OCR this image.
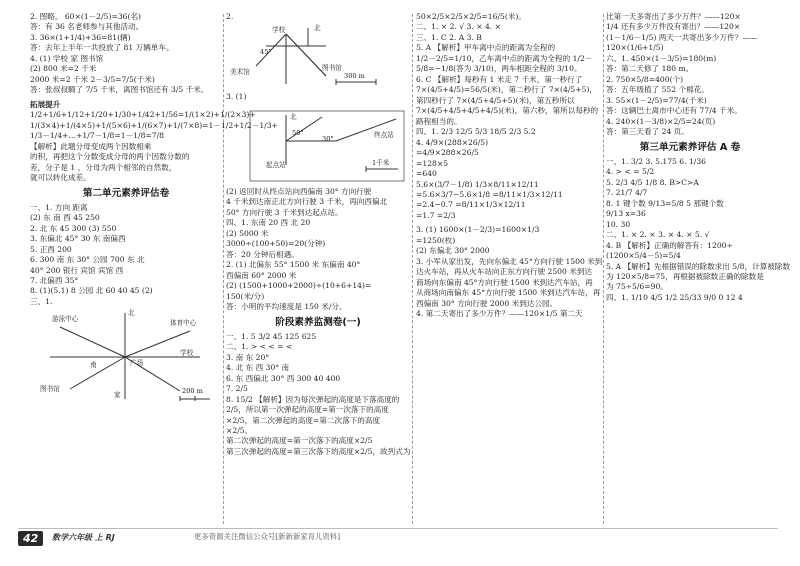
2. 图略。 60×(1－2/5)=36(名)
答：有 36 名老师参与其他活动。
3. 36×(1+1/4)+36=81(辆)
答：去年上半年一共投放了 81 万辆单车。
4. (1) 学校 家 图书馆
(2) 800 米=2 千米
2000 米=2 千米 2－3/5=7/5(千米)
答：张叔叔騎了 7/5 千米，离图书馆还有 3/5 千米。
拓展提升
1/2+1/6+1/12+1/20+1/30+1/42+1/56=1/(1×2)+1/(2×3)+
1/(3×4)+1/(4×5)+1/(5×6)+1/(6×7)+1/(7×8)=1－1/2+1/2－1/3+
1/3－1/4+…+1/7－1/8=1－1/8=7/8
【解析】此题分母变成两个因数相乘
的积，再把这个分数变成分母的两个因数分数的
差，分子是 1 ，分母为两个相邻的自然数，
就可以转化成差。
第二单元素养评估卷
一、1. 方向 距离
(2) 东 南 西 45 250
2. 北 东 45 300 (3) 550
3. 东偏北 45° 30 东 南偏西
5. 正西 200
6. 300 南 东 30° 公园 700 东 北
40° 200 银行 宾馆 宾馆 西
7. 北偏西 35°
8. (1)(5.1) 8 公园 北 60 40 45 (2)
三、1.
游泳中心	体育中心
学校
图书馆
家
北
广场
南
200 m
2.
学校	北
图书馆
美术馆
45°
300 m
3. (1)
起点站
北
50°
30°	终点站
1千米
(2) 返回时从终点站向西偏南 30° 方向行驶
4 千米到达南正北方向行驶 3 千米，再向西偏北
50° 方向行驶 3 千米到达起点站。
四、1. 东南 20 西 北 20
(2) 5000 米
3000÷(100+50)=20(分钟)
答：20 分钟后相遇。
2. (1) 北偏东 55° 1500 米 东偏南 40°
西偏南 60° 2000 米
(2) (1500+1000+2000)÷(10+6+14)=
150(米/分)
答：小明的平均速度是 150 米/分。
阶段素养监测卷(一)
一、1. 5 3/2 45 125 625
二、1. > < < = <
3. 南 东 20°
4. 北 东 西 30° 南
6. 东 西偏北 30° 西 300 40 400
7. 2/5
8. 15/2 【解析】因为每次弹起的高度是下落高度的
2/5，所以第一次弹起的高度=第一次落下的高度
×2/5，第二次弹起的高度=第二次落下的高度
×2/5。
第二次弹起的高度=第一次落下的高度×2/5
第三次弹起的高度=第三次落下的高度×2/5，故列式为
50×2/5×2/5×2/5=16/5(米)。
二、1. × 2. √ 3. × 4. ×
三、1. C 2. A 3. B
5. A 【解析】甲车离中点的距离为全程的
1/2－2/5=1/10，乙车离中点的距离为全程的 1/2－
5/8=−1/8(答为 3/10)，两车相距全程的 3/10。
6. C 【解析】每秒有 1 米走 7 千米，第一秒行了
7×(4/5+4/5)=56/5(米)，第二秒行了 7×(4/5+5)，
第四秒行了 7×(4/5+4/5+5)(米)，第五秒所以
7×(4/5+4/5+4/5+4/5)(米)，第六秒，第所以每秒的
路程相当的。
四、1. 2/3 12/5 5/3 18/5 2/3 5.2
4. 4/9×(288×26/5)
=4/9×288×26/5
=128×5
=640
5.6×(3/7－1/8) 1/3×8/11×12/11
=5.6×3/7−5.6×1/8 =8/11×1/3×12/11
=2.4−0.7 =8/11×1/3×12/11
=1.7 =2/3
3. (1) 1600×(1－2/3)=1600×1/3
=1250(枚)
(2) 东偏北 30° 2000
3. 小军从家出发，先向东偏北 45°方向行驶 1500 米到
达火车站，再从火车站向正东方向行驶 2500 米到达
商场向东偏南 45°方向行驶 1500 米到达汽车站，再
从商场向南偏东 45°方向行驶 1500 米到达汽车站，再
西偏南 30° 方向行驶 2000 米到达公园。
4. 第二天寄出了多少万件？——120×1/5 第二天
比第一天多寄出了多少万件？——120×
1/4 还有多少万件没有寄出？——120×
(1－1/6－1/5) 两天一共寄出多少万件？——
120×(1/6+1/5)
六、1. 450×(1－3/5)=180(m)
答：第二天修了 180 m。
2. 750×5/8=400(个)
答：五年级植了 552 个棉花。
3. 55×(1－2/5)=77/4(千米)
答：这辆巴士离市中心还有 77/4 千米。
4. 240×(1－3/8)×2/5=24(页)
答：第三天看了 24 页。
第三单元素养评估 A 卷
一、1. 3/2 3. 5.175 6. 1/36
4. > < = 5/2
5. 2/3 4/5 1/8 8. B>C>A
7. 21/7 4/7
8. 1 键个数 9/13=5/8 5 那键个数
9/13 x=36
10. 30
二、1. × 2. × 3. × 4. × 5. √
4. B 【解析】正确的解答有：1200÷
(1200×5/4－5)=5/4
5. A 【解析】先根据错误的除数求出 5/8，计算被除数
为 120×5/8=75，再根据被除数正确的除数是
为 75÷5/6=90。
四、1. 1/10 4/5 1/2 25/33 9/0 0 12 4
42	数学六年级 上 RJ	更多资源关注微信公众号[新新新家育儿资料]
